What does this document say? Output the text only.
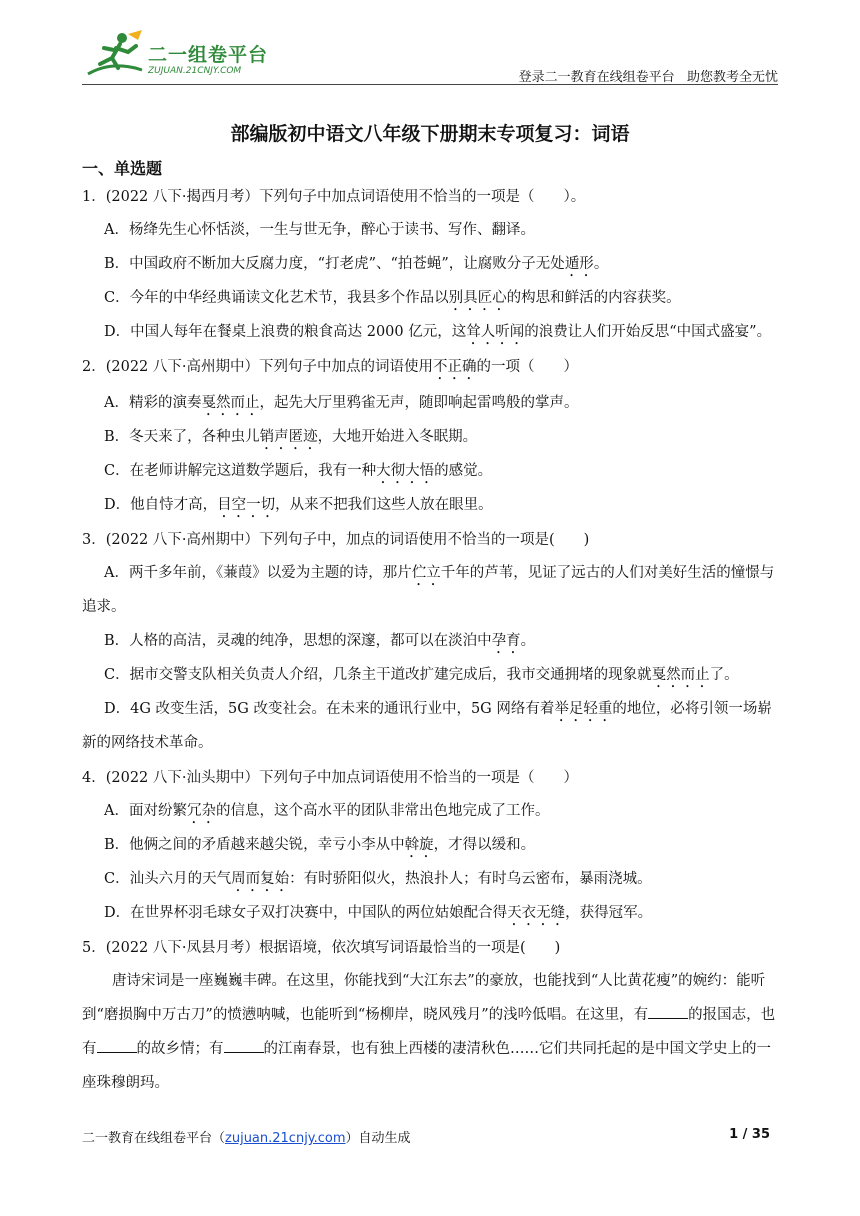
二一组卷平台
ZUJUAN.21CNJY.COM	登录二一教育在线组卷平台   助您教考全无忧
部编版初中语文八年级下册期末专项复习：词语
一、单选题
1．(2022 八下·揭西月考）下列句子中加点词语使用不恰当的一项是（　　）。
A．杨绛先生心怀恬淡，一生与世无争，醉心于读书、写作、翻译。
B．中国政府不断加大反腐力度，“打老虎”、“拍苍蝇”，让腐败分子无处遁形。
C．今年的中华经典诵读文化艺术节，我县多个作品以别具匠心的构思和鲜活的内容获奖。
D．中国人每年在餐桌上浪费的粮食高达 2000 亿元，这耸人听闻的浪费让人们开始反思“中国式盛宴”。
2．(2022 八下·高州期中）下列句子中加点的词语使用不正确的一项（　　）
A．精彩的演奏戛然而止，起先大厅里鸦雀无声，随即响起雷鸣般的掌声。
B．冬天来了，各种虫儿销声匿迹，大地开始进入冬眠期。
C．在老师讲解完这道数学题后，我有一种大彻大悟的感觉。
D．他自恃才高，目空一切，从来不把我们这些人放在眼里。
3．(2022 八下·高州期中）下列句子中，加点的词语使用不恰当的一项是(　　)
A．两千多年前，《蒹葭》以爱为主题的诗，那片伫立千年的芦苇，见证了远古的人们对美好生活的憧憬与追求。
B．人格的高洁，灵魂的纯净，思想的深邃，都可以在淡泊中孕育。
C．据市交警支队相关负责人介绍，几条主干道改扩建完成后，我市交通拥堵的现象就戛然而止了。
D．4G 改变生活，5G 改变社会。在未来的通讯行业中，5G 网络有着举足轻重的地位，必将引领一场崭新的网络技术革命。
4．(2022 八下·汕头期中）下列句子中加点词语使用不恰当的一项是（　　）
A．面对纷繁冗杂的信息，这个高水平的团队非常出色地完成了工作。
B．他俩之间的矛盾越来越尖锐，幸亏小李从中斡旋，才得以缓和。
C．汕头六月的天气周而复始：有时骄阳似火，热浪扑人；有时乌云密布，暴雨浇城。
D．在世界杯羽毛球女子双打决赛中，中国队的两位姑娘配合得天衣无缝，获得冠军。
5．(2022 八下·凤县月考）根据语境，依次填写词语最恰当的一项是(　　)
唐诗宋词是一座巍巍丰碑。在这里，你能找到“大江东去”的豪放，也能找到“人比黄花瘦”的婉约：能听到“磨损胸中万古刀”的愤懑呐喊，也能听到“杨柳岸，晓风残月”的浅吟低唱。在这里，有	的报国志，也有	的故乡情；有	的江南春景，也有独上西楼的凄清秋色……它们共同托起的是中国文学史上的一座珠穆朗玛。
二一教育在线组卷平台（zujuan.21cnjy.com）自动生成	1 / 35
